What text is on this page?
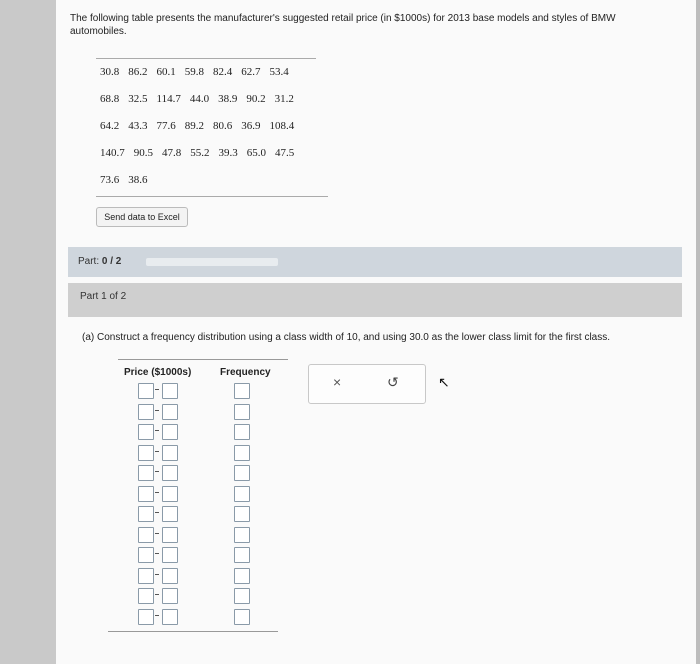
The following table presents the manufacturer's suggested retail price (in $1000s) for 2013 base models and styles of BMW automobiles.
30.8 86.2 60.1 59.8 82.4 62.7 53.4
68.8 32.5 114.7 44.0 38.9 90.2 31.2
64.2 43.3 77.6 89.2 80.6 36.9 108.4
140.7 90.5 47.8 55.2 39.3 65.0 47.5
73.6 38.6
Send data to Excel
Part: 0 / 2
Part 1 of 2
(a) Construct a frequency distribution using a class width of 10, and using 30.0 as the lower class limit for the first class.
Price ($1000s)	Frequency
×	↺	↖
